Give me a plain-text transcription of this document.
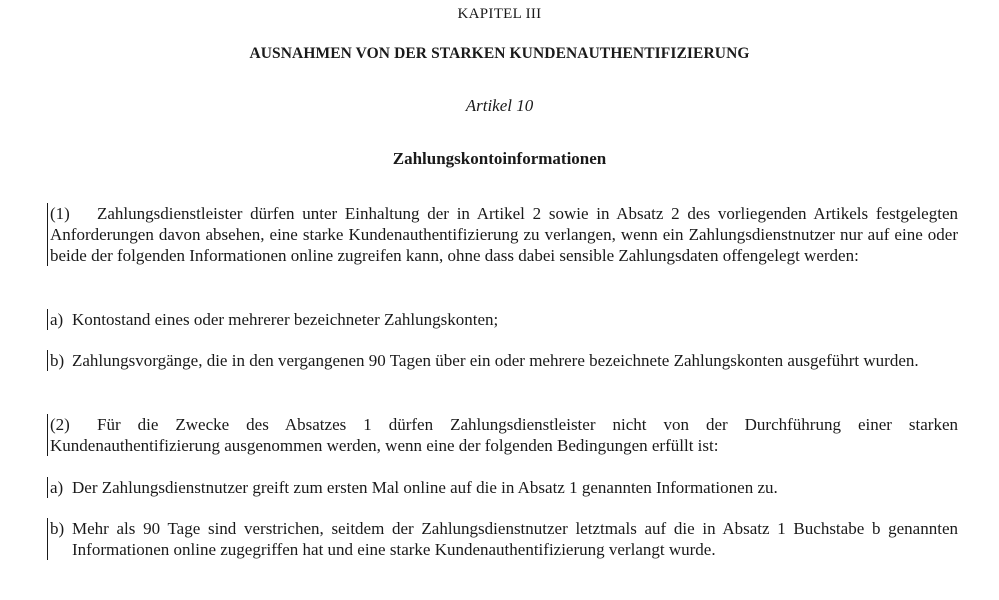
KAPITEL III
AUSNAHMEN VON DER STARKEN KUNDENAUTHENTIFIZIERUNG
Artikel 10
Zahlungskontoinformationen
(1) Zahlungsdienstleister dürfen unter Einhaltung der in Artikel 2 sowie in Absatz 2 des vorliegenden Artikels festgelegten Anforderungen davon absehen, eine starke Kundenauthentifizierung zu verlangen, wenn ein Zahlungsdienstnutzer nur auf eine oder beide der folgenden Informationen online zugreifen kann, ohne dass dabei sensible Zahlungsdaten offengelegt werden:
a) Kontostand eines oder mehrerer bezeichneter Zahlungskonten;
b) Zahlungsvorgänge, die in den vergangenen 90 Tagen über ein oder mehrere bezeichnete Zahlungskonten ausgeführt wurden.
(2) Für die Zwecke des Absatzes 1 dürfen Zahlungsdienstleister nicht von der Durchführung einer starken Kundenauthentifizierung ausgenommen werden, wenn eine der folgenden Bedingungen erfüllt ist:
a) Der Zahlungsdienstnutzer greift zum ersten Mal online auf die in Absatz 1 genannten Informationen zu.
b) Mehr als 90 Tage sind verstrichen, seitdem der Zahlungsdienstnutzer letztmals auf die in Absatz 1 Buchstabe b genannten Informationen online zugegriffen hat und eine starke Kundenauthentifizierung verlangt wurde.
